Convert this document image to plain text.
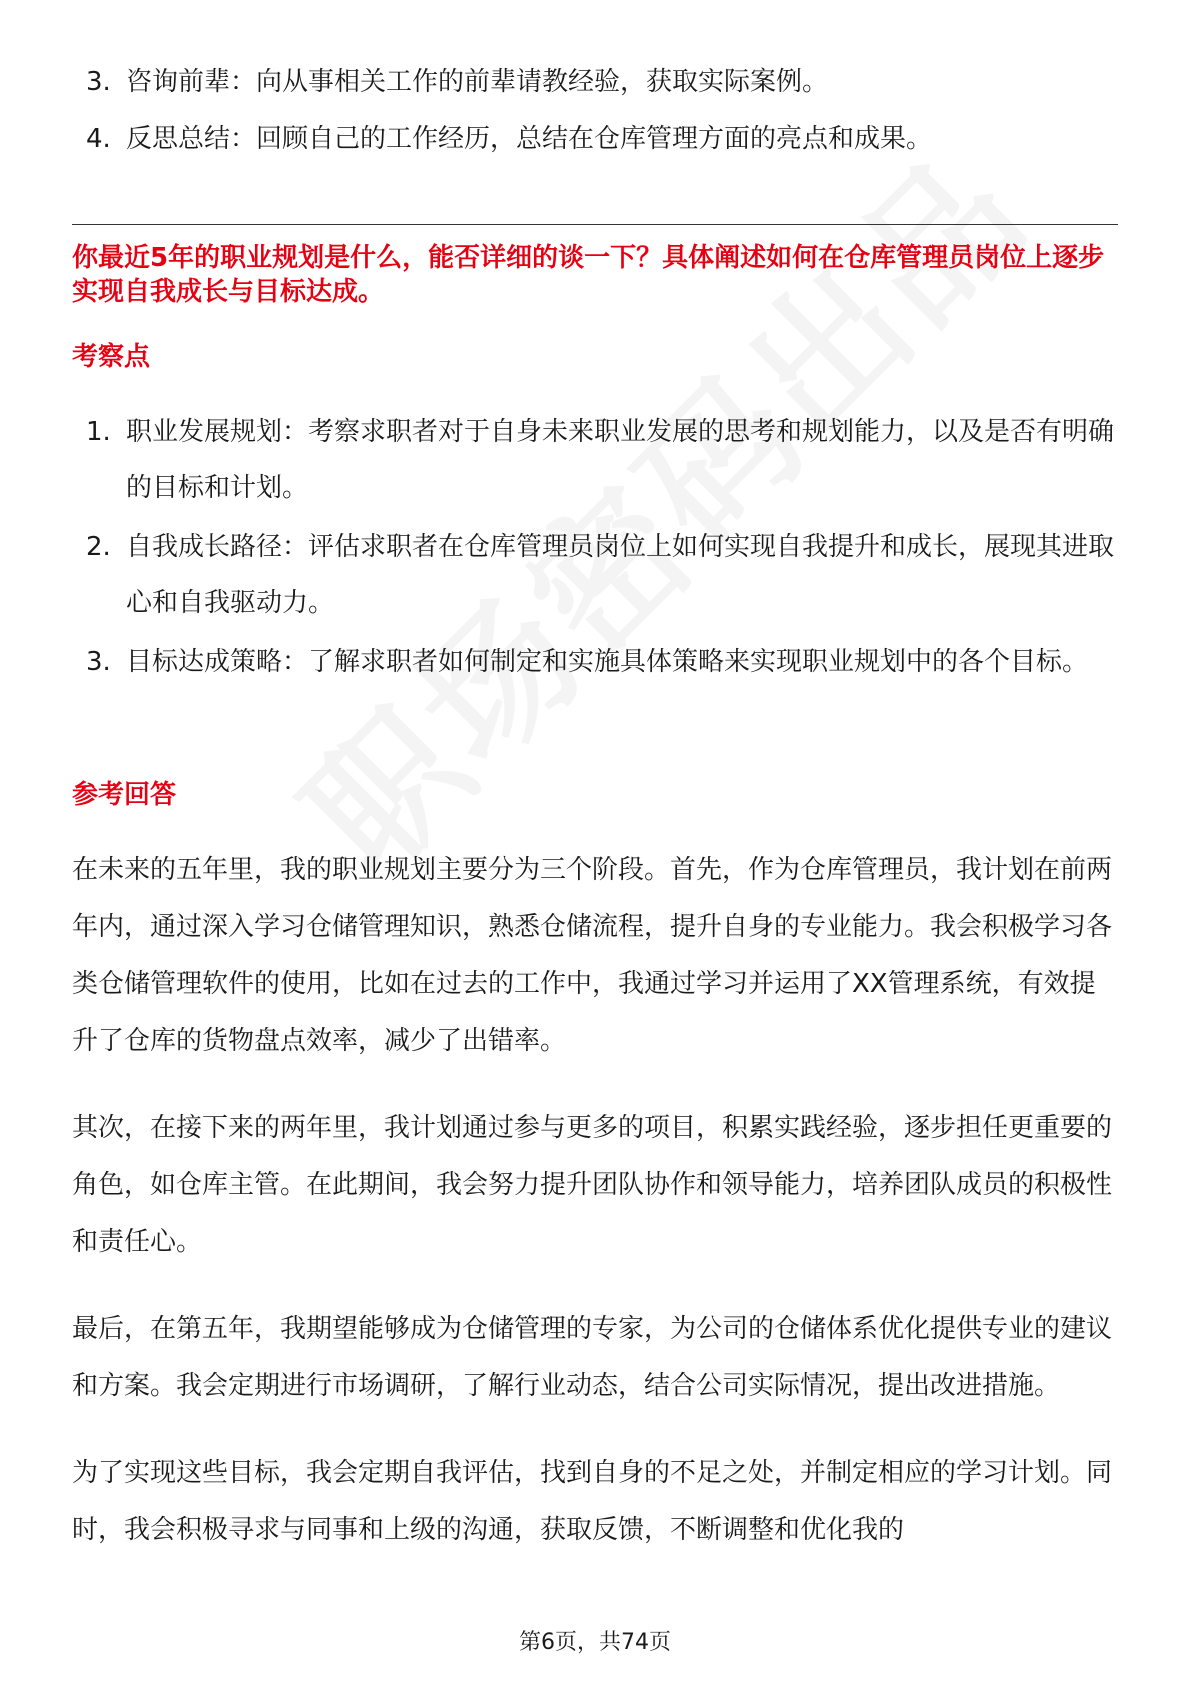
3. 咨询前辈：向从事相关工作的前辈请教经验，获取实际案例。
4. 反思总结：回顾自己的工作经历，总结在仓库管理方面的亮点和成果。
你最近5年的职业规划是什么，能否详细的谈一下？具体阐述如何在仓库管理员岗位上逐步实现自我成长与目标达成。
考察点
1. 职业发展规划：考察求职者对于自身未来职业发展的思考和规划能力，以及是否有明确的目标和计划。
2. 自我成长路径：评估求职者在仓库管理员岗位上如何实现自我提升和成长，展现其进取心和自我驱动力。
3. 目标达成策略：了解求职者如何制定和实施具体策略来实现职业规划中的各个目标。
参考回答

在未来的五年里，我的职业规划主要分为三个阶段。首先，作为仓库管理员，我计划在前两年内，通过深入学习仓储管理知识，熟悉仓储流程，提升自身的专业能力。我会积极学习各类仓储管理软件的使用，比如在过去的工作中，我通过学习并运用了XX管理系统，有效提升了仓库的货物盘点效率，减少了出错率。

其次，在接下来的两年里，我计划通过参与更多的项目，积累实践经验，逐步担任更重要的角色，如仓库主管。在此期间，我会努力提升团队协作和领导能力，培养团队成员的积极性和责任心。

最后，在第五年，我期望能够成为仓储管理的专家，为公司的仓储体系优化提供专业的建议和方案。我会定期进行市场调研，了解行业动态，结合公司实际情况，提出改进措施。

为了实现这些目标，我会定期自我评估，找到自身的不足之处，并制定相应的学习计划。同时，我会积极寻求与同事和上级的沟通，获取反馈，不断调整和优化我的

第6页，共74页
